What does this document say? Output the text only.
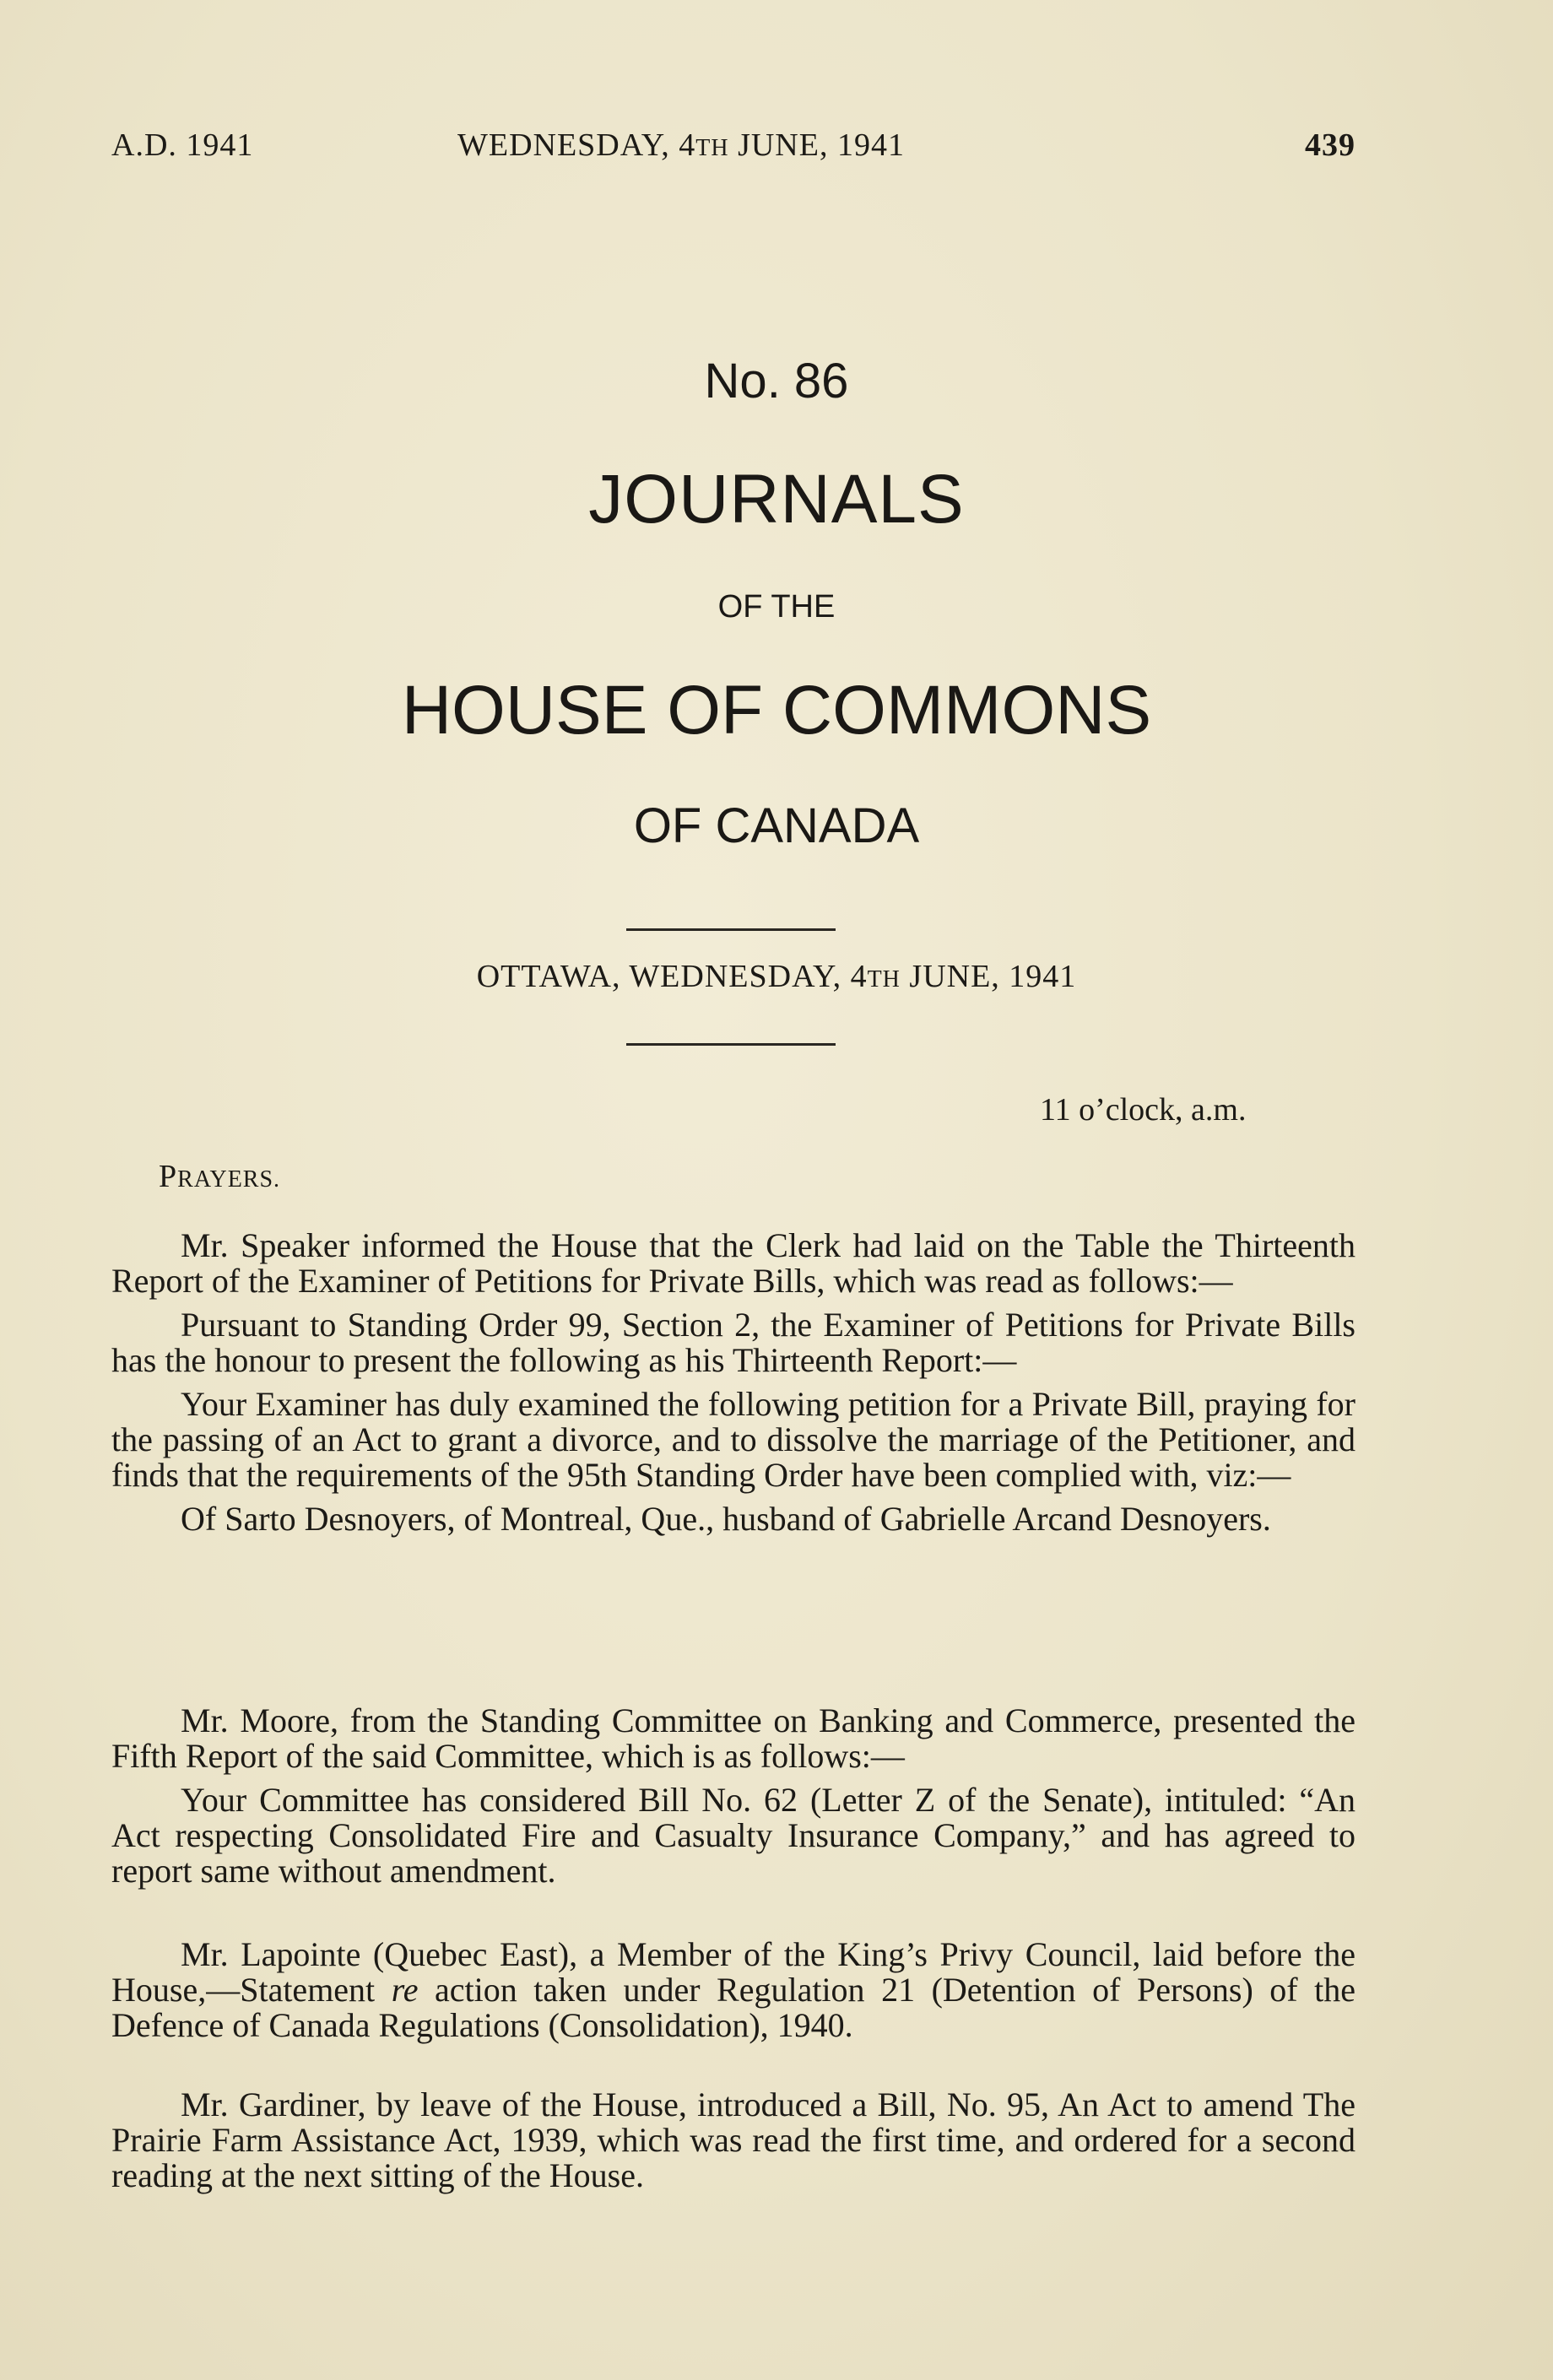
A.D. 1941	WEDNESDAY, 4TH JUNE, 1941	439
No. 86
JOURNALS
OF THE
HOUSE OF COMMONS
OF CANADA
OTTAWA, WEDNESDAY, 4TH JUNE, 1941
11 o’clock, a.m.
PRAYERS.

Mr. Speaker informed the House that the Clerk had laid on the Table the Thirteenth Report of the Examiner of Petitions for Private Bills, which was read as follows:—

Pursuant to Standing Order 99, Section 2, the Examiner of Petitions for Private Bills has the honour to present the following as his Thirteenth Report:—

Your Examiner has duly examined the following petition for a Private Bill, praying for the passing of an Act to grant a divorce, and to dissolve the marriage of the Petitioner, and finds that the requirements of the 95th Standing Order have been complied with, viz:—

Of Sarto Desnoyers, of Montreal, Que., husband of Gabrielle Arcand Desnoyers.

Mr. Moore, from the Standing Committee on Banking and Commerce, presented the Fifth Report of the said Committee, which is as follows:—

Your Committee has considered Bill No. 62 (Letter Z of the Senate), intituled: “An Act respecting Consolidated Fire and Casualty Insurance Company,” and has agreed to report same without amendment.

Mr. Lapointe (Quebec East), a Member of the King’s Privy Council, laid before the House,—Statement re action taken under Regulation 21 (Detention of Persons) of the Defence of Canada Regulations (Consolidation), 1940.

Mr. Gardiner, by leave of the House, introduced a Bill, No. 95, An Act to amend The Prairie Farm Assistance Act, 1939, which was read the first time, and ordered for a second reading at the next sitting of the House.
